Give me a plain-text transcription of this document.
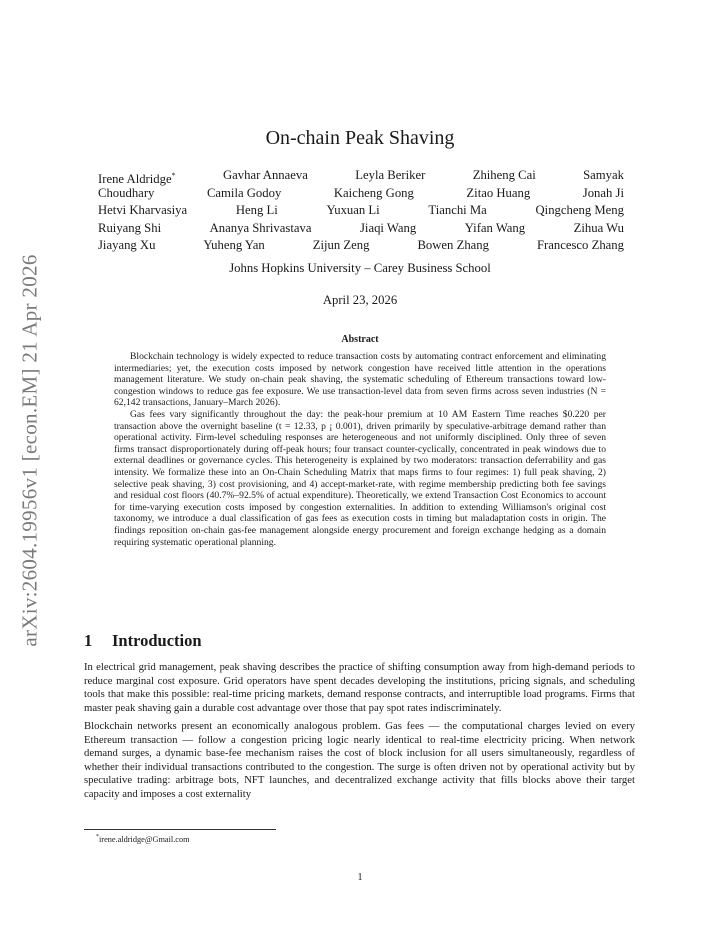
arXiv:2604.19956v1 [econ.EM] 21 Apr 2026
On-chain Peak Shaving
Irene Aldridge*	Gavhar Annaeva	Leyla Beriker	Zhiheng Cai	Samyak
Choudhary	Camila Godoy	Kaicheng Gong	Zitao Huang	Jonah Ji
Hetvi Kharvasiya	Heng Li	Yuxuan Li	Tianchi Ma	Qingcheng Meng
Ruiyang Shi	Ananya Shrivastava	Jiaqi Wang	Yifan Wang	Zihua Wu
Jiayang Xu	Yuheng Yan	Zijun Zeng	Bowen Zhang	Francesco Zhang
Johns Hopkins University – Carey Business School
April 23, 2026
Abstract

Blockchain technology is widely expected to reduce transaction costs by automating contract enforcement and eliminating intermediaries; yet, the execution costs imposed by network congestion have received little attention in the operations management literature. We study on-chain peak shaving, the systematic scheduling of Ethereum transactions toward low-congestion windows to reduce gas fee exposure. We use transaction-level data from seven firms across seven industries (N = 62,142 transactions, January–March 2026).

Gas fees vary significantly throughout the day: the peak-hour premium at 10 AM Eastern Time reaches $0.220 per transaction above the overnight baseline (t = 12.33, p ¡ 0.001), driven primarily by speculative-arbitrage demand rather than operational activity. Firm-level scheduling responses are heterogeneous and not uniformly disciplined. Only three of seven firms transact disproportionately during off-peak hours; four transact counter-cyclically, concentrated in peak windows due to external deadlines or governance cycles. This heterogeneity is explained by two moderators: transaction deferrability and gas intensity. We formalize these into an On-Chain Scheduling Matrix that maps firms to four regimes: 1) full peak shaving, 2) selective peak shaving, 3) cost provisioning, and 4) accept-market-rate, with regime membership predicting both fee savings and residual cost floors (40.7%–92.5% of actual expenditure). Theoretically, we extend Transaction Cost Economics to account for time-varying execution costs imposed by congestion externalities. In addition to extending Williamson's original cost taxonomy, we introduce a dual classification of gas fees as execution costs in timing but maladaptation costs in origin. The findings reposition on-chain gas-fee management alongside energy procurement and foreign exchange hedging as a domain requiring systematic operational planning.

1 Introduction

In electrical grid management, peak shaving describes the practice of shifting consumption away from high-demand periods to reduce marginal cost exposure. Grid operators have spent decades developing the institutions, pricing signals, and scheduling tools that make this possible: real-time pricing markets, demand response contracts, and interruptible load programs. Firms that master peak shaving gain a durable cost advantage over those that pay spot rates indiscriminately.

Blockchain networks present an economically analogous problem. Gas fees — the computational charges levied on every Ethereum transaction — follow a congestion pricing logic nearly identical to real-time electricity pricing. When network demand surges, a dynamic base-fee mechanism raises the cost of block inclusion for all users simultaneously, regardless of whether their individual transactions contributed to the congestion. The surge is often driven not by operational activity but by speculative trading: arbitrage bots, NFT launches, and decentralized exchange activity that fills blocks above their target capacity and imposes a cost externality

*irene.aldridge@Gmail.com
1
